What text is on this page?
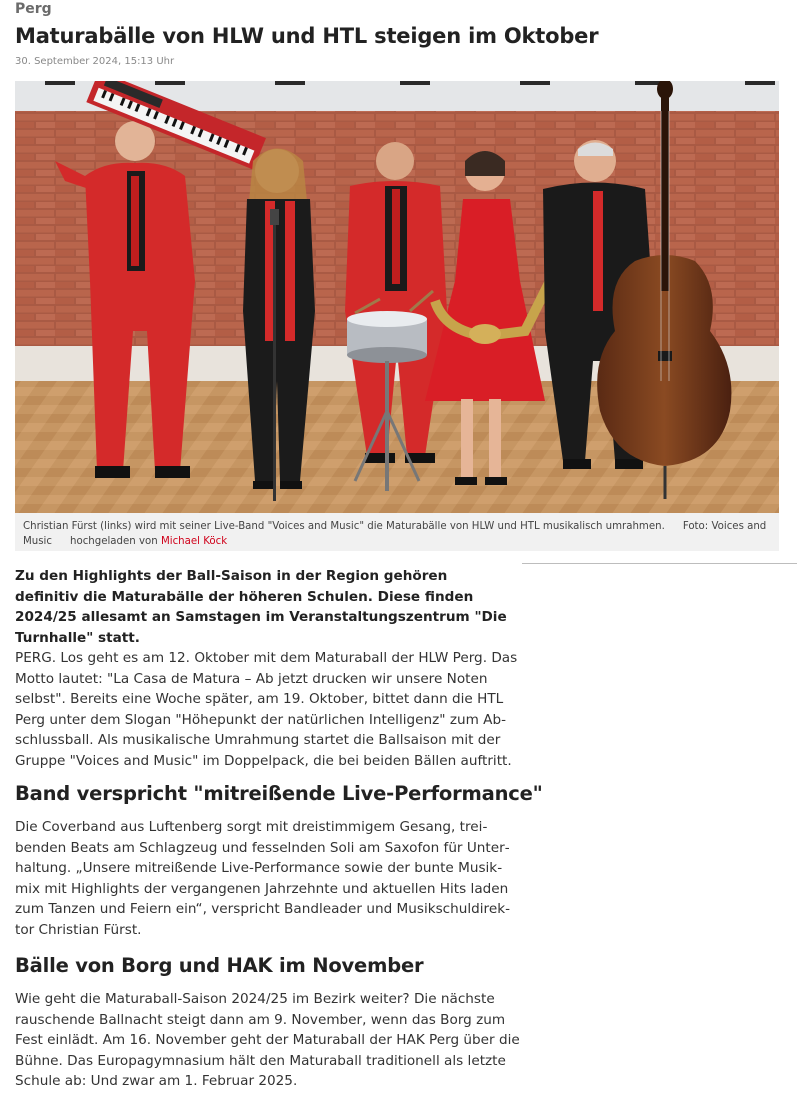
Perg
Maturabälle von HLW und HTL steigen im Oktober
30. September 2024, 15:13 Uhr
Christian Fürst (links) wird mit seiner Live-Band "Voices and Music" die Maturabälle von HLW und HTL musikalisch umrahmen. Foto: Voices and Music hochgeladen von Michael Köck

Zu den Highlights der Ball-Saison in der Region gehören definitiv die Maturabälle der höheren Schulen. Diese finden 2024/25 allesamt an Samstagen im Veranstaltungszentrum "Die Turnhalle" statt.

PERG. Los geht es am 12. Oktober mit dem Maturaball der HLW Perg. Das Motto lautet: "La Casa de Matura – Ab jetzt drucken wir unsere Noten selbst". Bereits eine Woche später, am 19. Oktober, bittet dann die HTL Perg unter dem Slogan "Höhepunkt der natürlichen Intelligenz" zum Abschlussball. Als musikalische Umrahmung startet die Ballsaison mit der Gruppe "Voices and Music" im Doppelpack, die bei beiden Bällen auftritt.

Band verspricht "mitreißende Live-Performance"

Die Coverband aus Luftenberg sorgt mit dreistimmigem Gesang, treibenden Beats am Schlagzeug und fesselnden Soli am Saxofon für Unterhaltung. „Unsere mitreißende Live-Performance sowie der bunte Musikmix mit Highlights der vergangenen Jahrzehnte und aktuellen Hits laden zum Tanzen und Feiern ein“, verspricht Bandleader und Musikschuldirektor Christian Fürst.

Bälle von Borg und HAK im November

Wie geht die Maturaball-Saison 2024/25 im Bezirk weiter? Die nächste rauschende Ballnacht steigt dann am 9. November, wenn das Borg zum Fest einlädt. Am 16. November geht der Maturaball der HAK Perg über die Bühne. Das Europagymnasium hält den Maturaball traditionell als letzte Schule ab: Und zwar am 1. Februar 2025.
